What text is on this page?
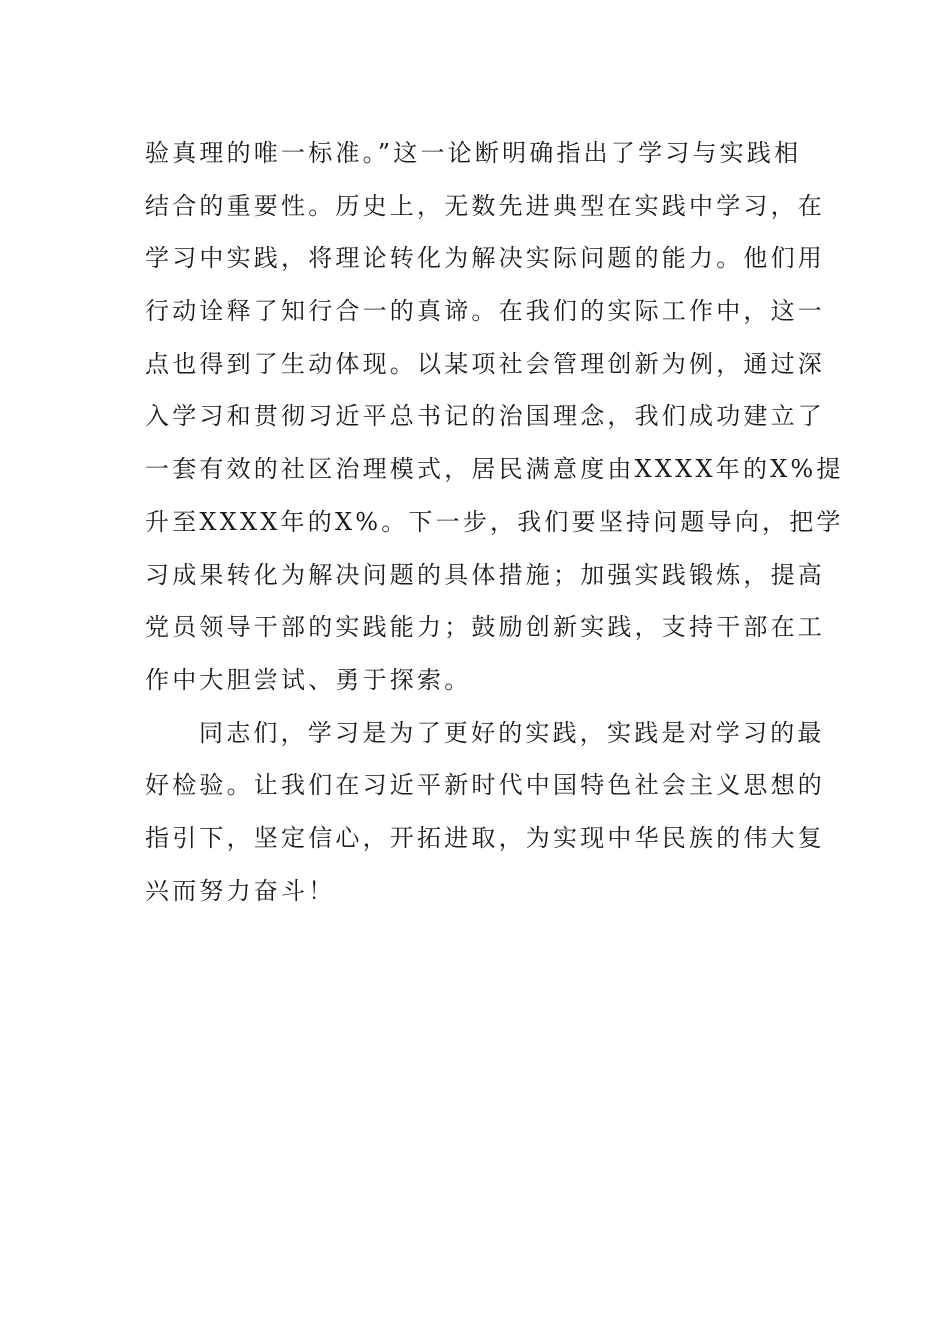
验真理的唯一标准。”这一论断明确指出了学习与实践相
结合的重要性。历史上，无数先进典型在实践中学习，在
学习中实践，将理论转化为解决实际问题的能力。他们用
行动诠释了知行合一的真谛。在我们的实际工作中，这一
点也得到了生动体现。以某项社会管理创新为例，通过深
入学习和贯彻习近平总书记的治国理念，我们成功建立了
一套有效的社区治理模式，居民满意度由XXXX年的X%提
升至XXXX年的X%。下一步，我们要坚持问题导向，把学
习成果转化为解决问题的具体措施；加强实践锻炼，提高
党员领导干部的实践能力；鼓励创新实践，支持干部在工
作中大胆尝试、勇于探索。
同志们，学习是为了更好的实践，实践是对学习的最
好检验。让我们在习近平新时代中国特色社会主义思想的
指引下，坚定信心，开拓进取，为实现中华民族的伟大复
兴而努力奋斗！
